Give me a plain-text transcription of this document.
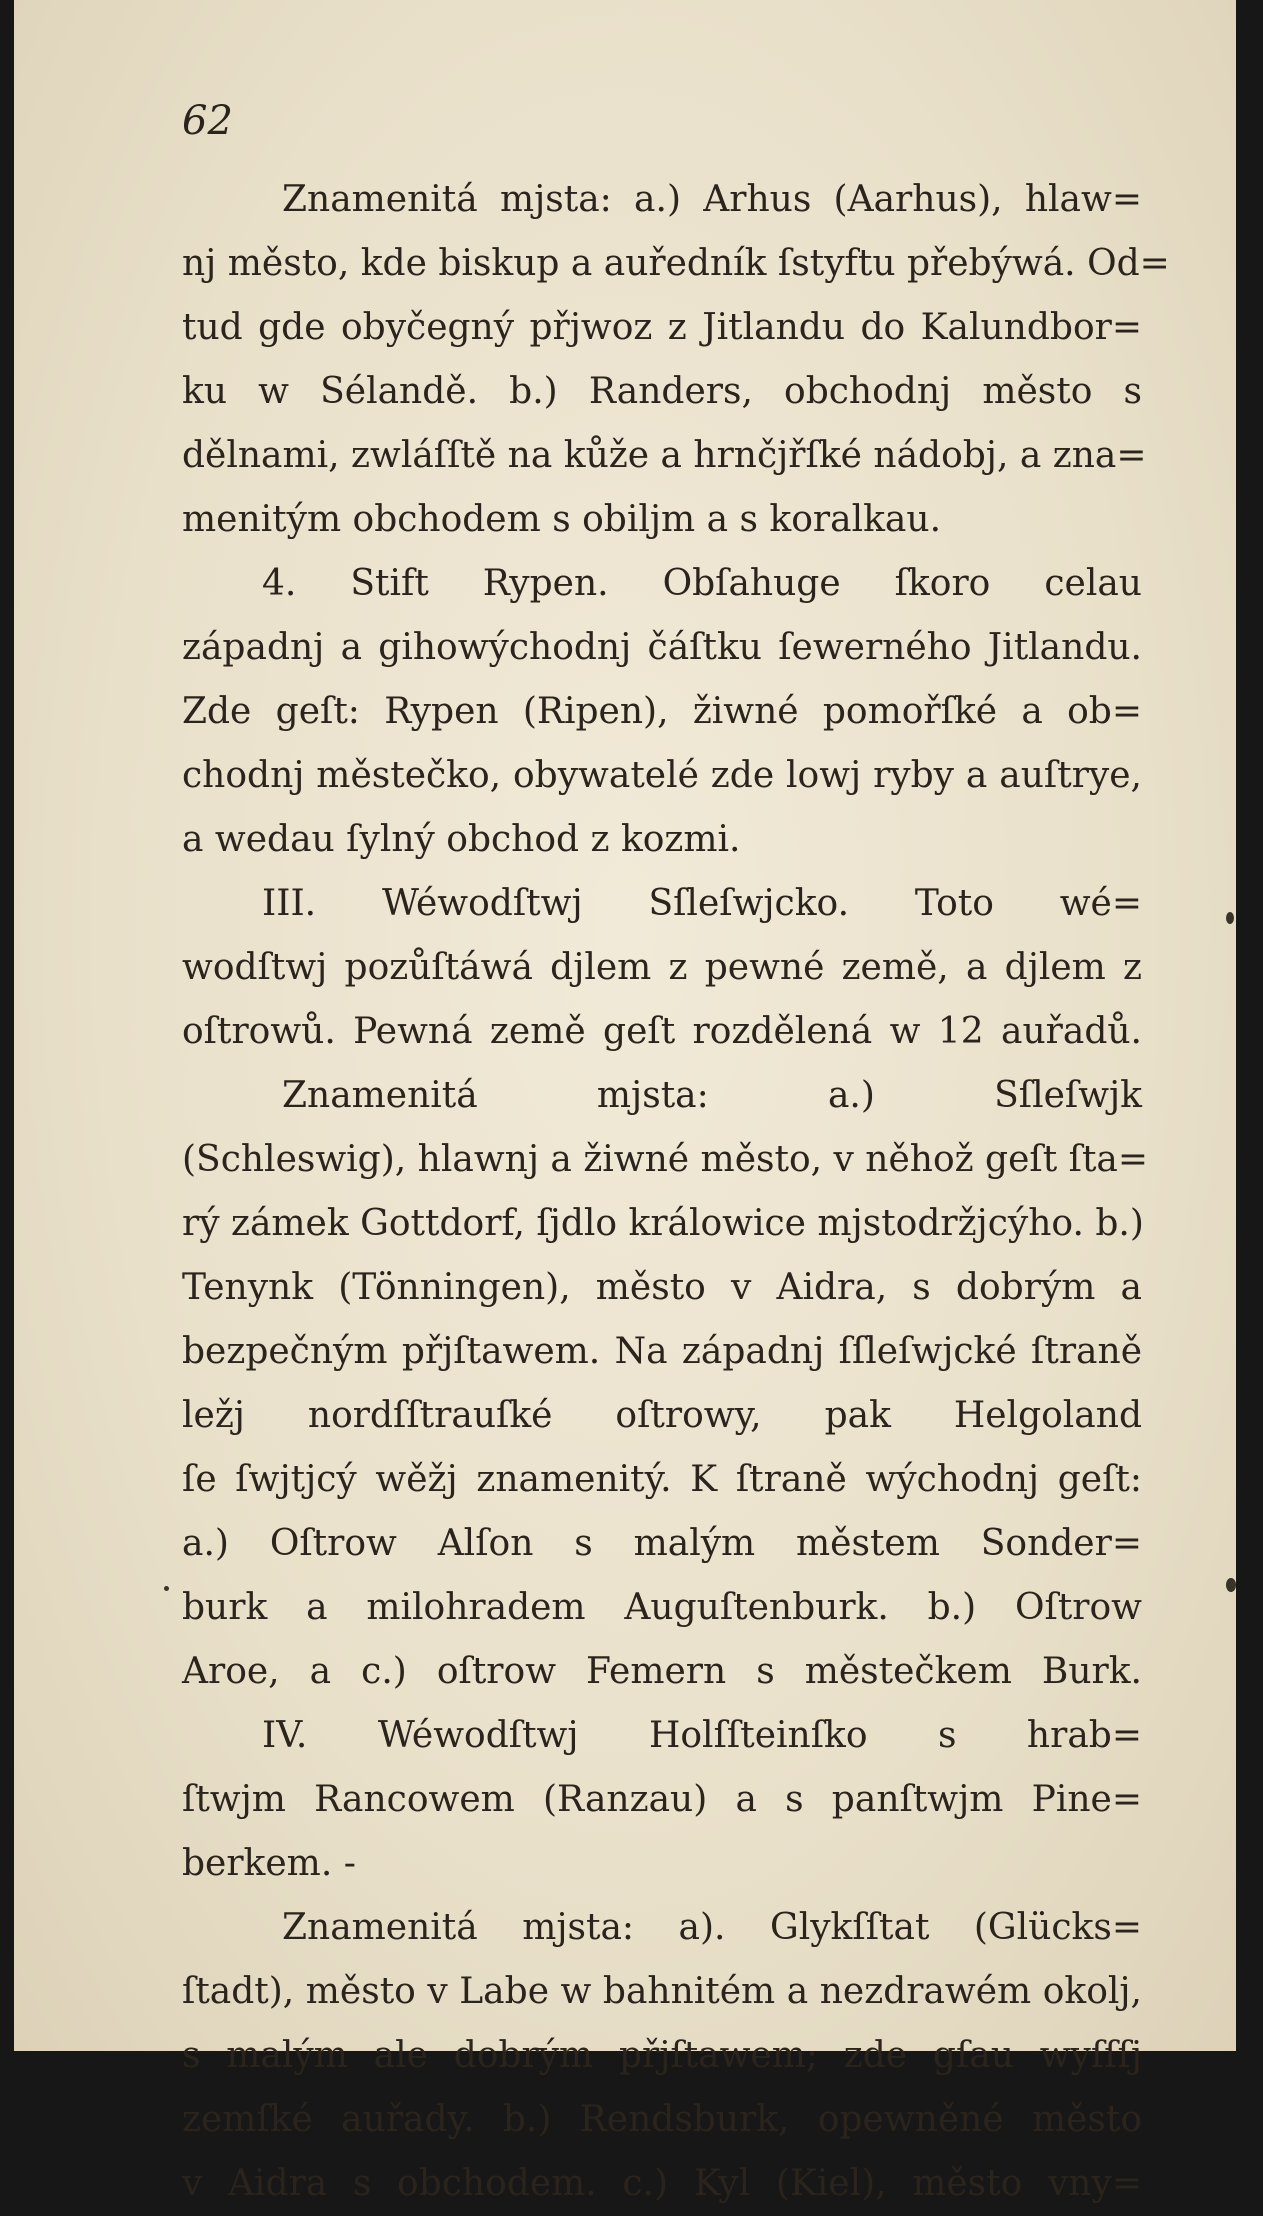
62
Znamenitá mjsta: a.) Arhus (Aarhus), hlaw=
nj město, kde biskup a auředník ſstyftu přebýwá. Od=
tud gde obyčegný přjwoz z Jitlandu do Kalundbor=
ku w Sélandě. b.) Randers, obchodnj město s
dělnami, zwláſſtě na kůže a hrnčjřſké nádobj, a zna=
menitým obchodem s obiljm a s koralkau.
4. Stift Rypen. Obſahuge ſkoro celau
západnj a gihowýchodnj čáſtku ſewerného Jitlandu.
Zde geſt: Rypen (Ripen), žiwné pomořſké a ob=
chodnj městečko, obywatelé zde lowj ryby a auſtrye,
a wedau ſylný obchod z kozmi.
III. Wéwodſtwj Sſleſwjcko. Toto wé=
wodſtwj pozůſtáwá djlem z pewné země, a djlem z
oſtrowů. Pewná země geſt rozdělená w 12 auřadů.
Znamenitá mjsta: a.) Sſleſwjk
(Schleswig), hlawnj a žiwné město, v něhož geſt ſta=
rý zámek Gottdorf, ſjdlo králowice mjstodržjcýho. b.)
Tenynk (Tönningen), město v Aidra, s dobrým a
bezpečným přjſtawem. Na západnj ſſleſwjcké ſtraně
ležj nordſſtrauſké oſtrowy, pak Helgoland
ſe ſwjtjcý wěžj znamenitý. K ſtraně wýchodnj geſt:
a.) Oſtrow Alſon s malým městem Sonder=
burk a milohradem Auguſtenburk. b.) Oſtrow
Aroe, a c.) oſtrow Femern s městečkem Burk.
IV. Wéwodſtwj Holſſteinſko s hrab=
ſtwjm Rancowem (Ranzau) a s panſtwjm Pine=
berkem. -
Znamenitá mjsta: a). Glykſſtat (Glücks=
ſtadt), město v Labe w bahnitém a nezdrawém okolj,
s malým ale dobrým přjſtawem; zde gſau wyſſſj
zemſké auřady. b.) Rendsburk, opewněné město
v Aidra s obchodem. c.) Kyl (Kiel), město vny=
